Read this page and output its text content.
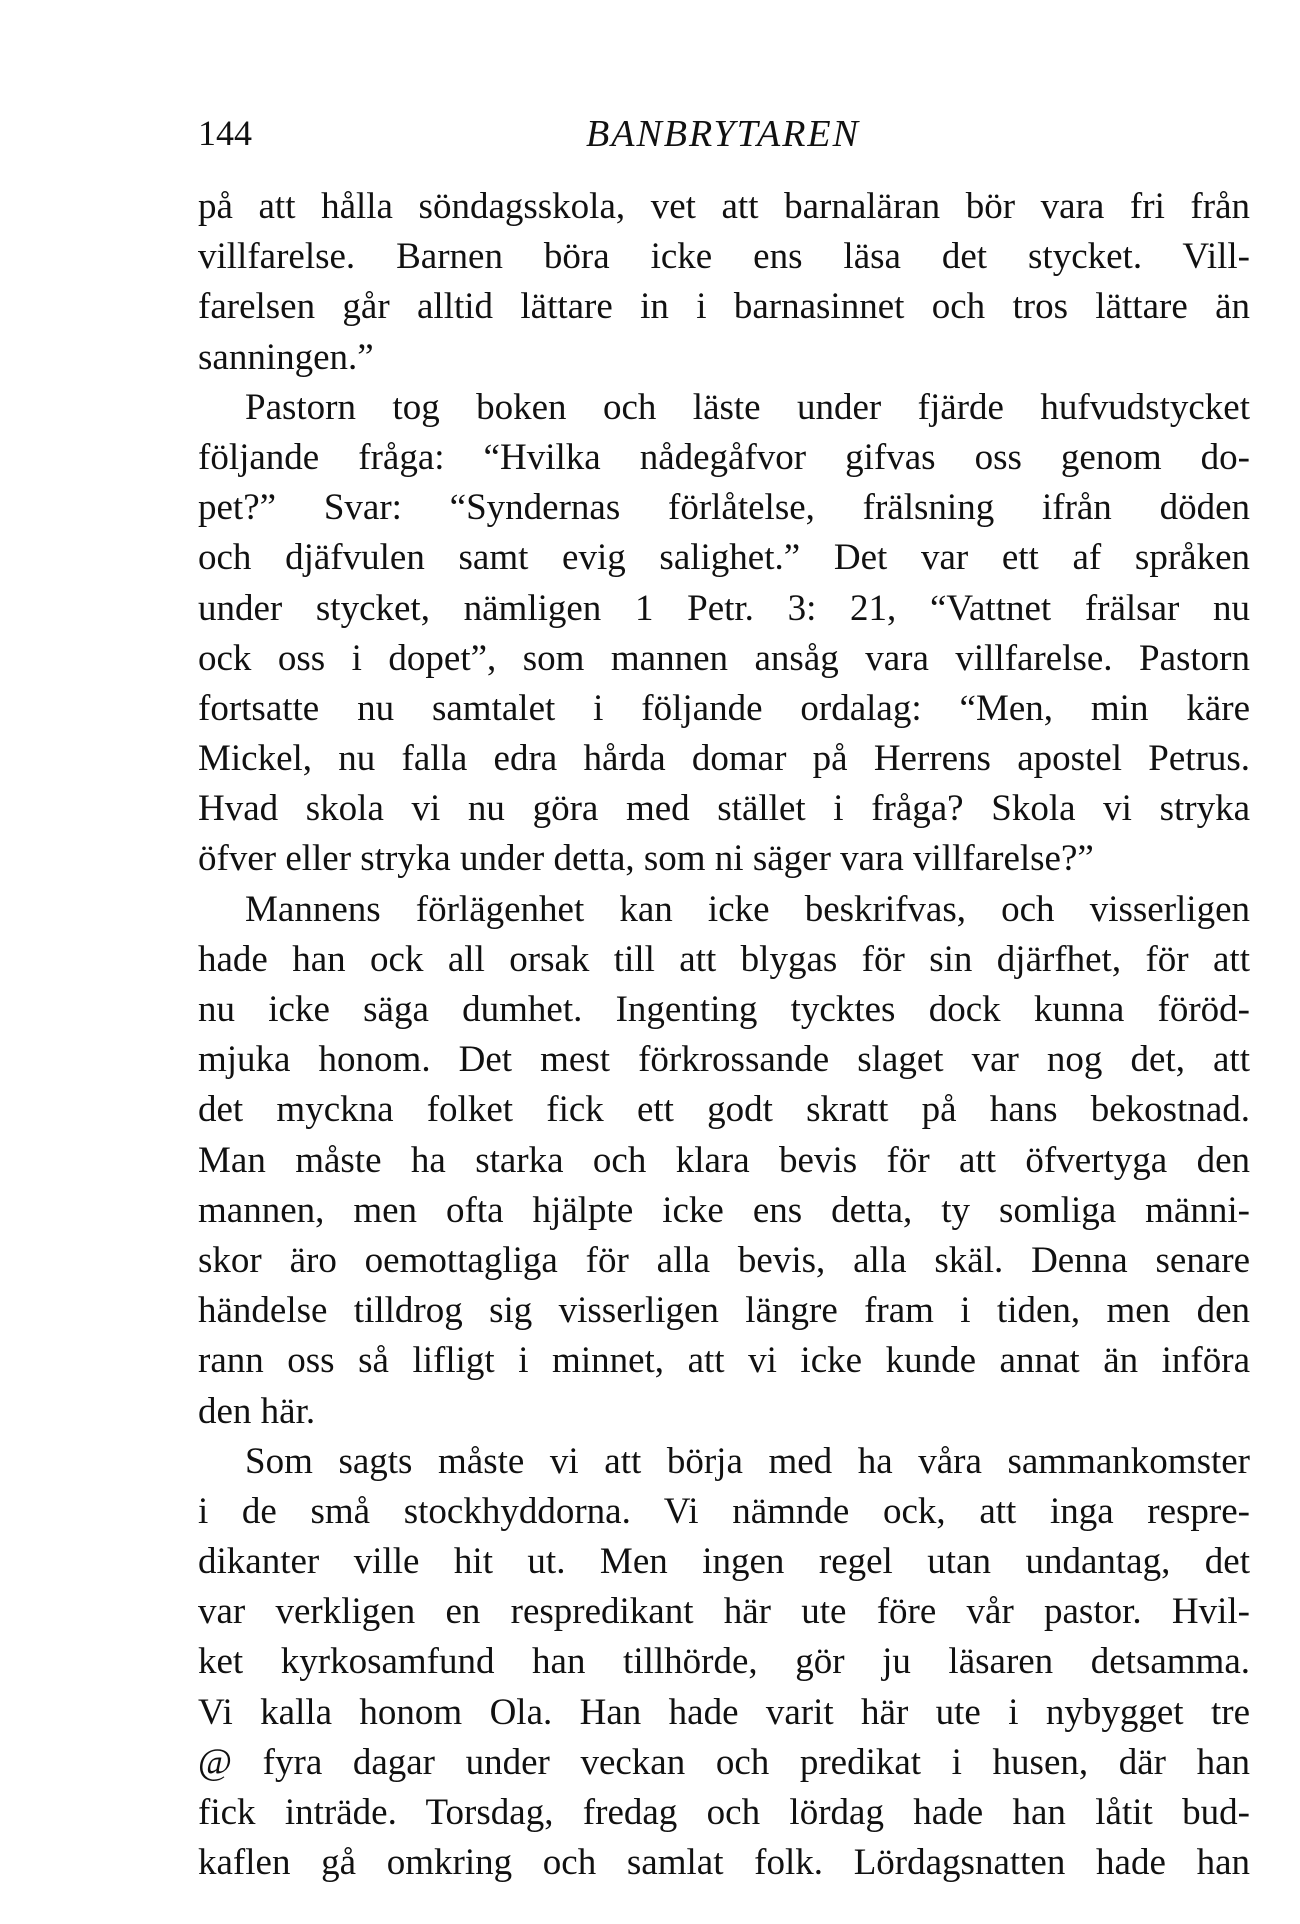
144	BANBRYTAREN
på att hålla söndagsskola, vet att barnaläran bör vara fri från
villfarelse. Barnen böra icke ens läsa det stycket. Vill-
farelsen går alltid lättare in i barnasinnet och tros lättare än
sanningen.”
Pastorn tog boken och läste under fjärde hufvudstycket
följande fråga: “Hvilka nådegåfvor gifvas oss genom do-
pet?” Svar: “Syndernas förlåtelse, frälsning ifrån döden
och djäfvulen samt evig salighet.” Det var ett af språken
under stycket, nämligen 1 Petr. 3: 21, “Vattnet frälsar nu
ock oss i dopet”, som mannen ansåg vara villfarelse. Pastorn
fortsatte nu samtalet i följande ordalag: “Men, min käre
Mickel, nu falla edra hårda domar på Herrens apostel Petrus.
Hvad skola vi nu göra med stället i fråga? Skola vi stryka
öfver eller stryka under detta, som ni säger vara villfarelse?”
Mannens förlägenhet kan icke beskrifvas, och visserligen
hade han ock all orsak till att blygas för sin djärfhet, för att
nu icke säga dumhet. Ingenting tycktes dock kunna föröd-
mjuka honom. Det mest förkrossande slaget var nog det, att
det myckna folket fick ett godt skratt på hans bekostnad.
Man måste ha starka och klara bevis för att öfvertyga den
mannen, men ofta hjälpte icke ens detta, ty somliga männi-
skor äro oemottagliga för alla bevis, alla skäl. Denna senare
händelse tilldrog sig visserligen längre fram i tiden, men den
rann oss så lifligt i minnet, att vi icke kunde annat än införa
den här.
Som sagts måste vi att börja med ha våra sammankomster
i de små stockhyddorna. Vi nämnde ock, att inga respre-
dikanter ville hit ut. Men ingen regel utan undantag, det
var verkligen en respredikant här ute före vår pastor. Hvil-
ket kyrkosamfund han tillhörde, gör ju läsaren detsamma.
Vi kalla honom Ola. Han hade varit här ute i nybygget tre
@ fyra dagar under veckan och predikat i husen, där han
fick inträde. Torsdag, fredag och lördag hade han låtit bud-
kaflen gå omkring och samlat folk. Lördagsnatten hade han
